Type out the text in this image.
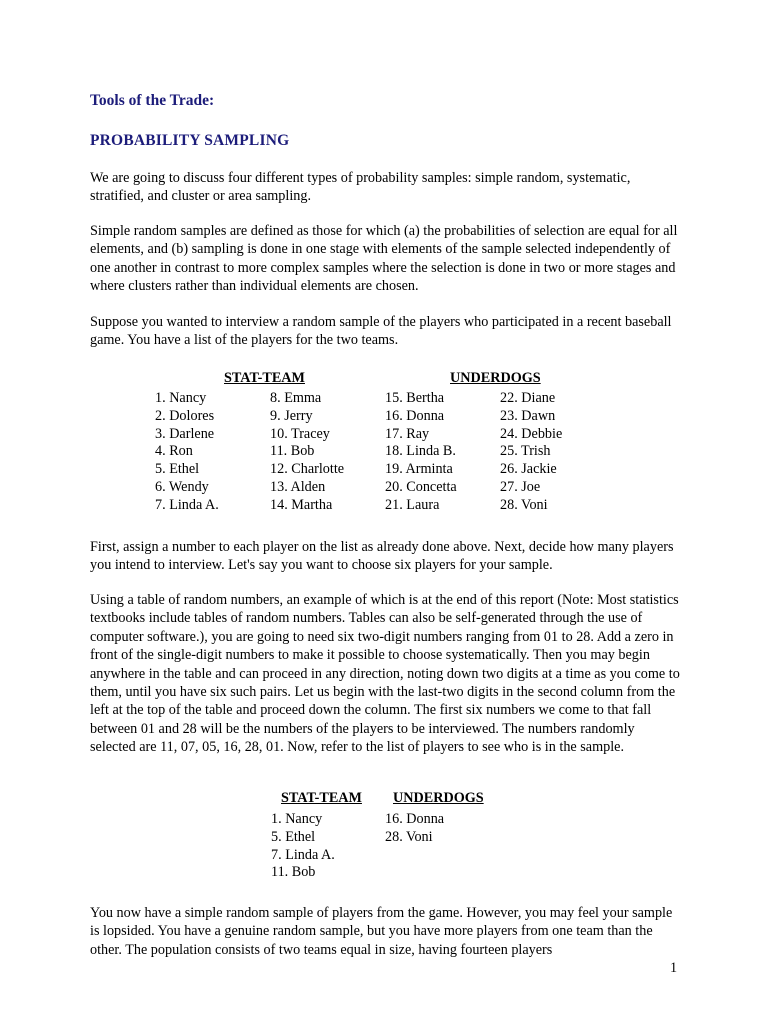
Tools of the Trade:
PROBABILITY SAMPLING

We are going to discuss four different types of probability samples: simple random, systematic, stratified, and cluster or area sampling.

Simple random samples are defined as those for which (a) the probabilities of selection are equal for all elements, and (b) sampling is done in one stage with elements of the sample selected independently of one another in contrast to more complex samples where the selection is done in two or more stages and where clusters rather than individual elements are chosen.

Suppose you wanted to interview a random sample of the players who participated in a recent baseball game. You have a list of the players for the two teams.

STAT-TEAM	UNDERDOGS
1. Nancy
2. Dolores
3. Darlene
4. Ron
5. Ethel
6. Wendy
7. Linda A.
8. Emma
9. Jerry
10. Tracey
11. Bob
12. Charlotte
13. Alden
14. Martha
15. Bertha
16. Donna
17. Ray
18. Linda B.
19. Arminta
20. Concetta
21. Laura
22. Diane
23. Dawn
24. Debbie
25. Trish
26. Jackie
27. Joe
28. Voni

First, assign a number to each player on the list as already done above. Next, decide how many players you intend to interview. Let's say you want to choose six players for your sample.

Using a table of random numbers, an example of which is at the end of this report (Note: Most statistics textbooks include tables of random numbers. Tables can also be self-generated through the use of computer software.), you are going to need six two-digit numbers ranging from 01 to 28. Add a zero in front of the single-digit numbers to make it possible to choose systematically. Then you may begin anywhere in the table and can proceed in any direction, noting down two digits at a time as you come to them, until you have six such pairs. Let us begin with the last-two digits in the second column from the left at the top of the table and proceed down the column. The first six numbers we come to that fall between 01 and 28 will be the numbers of the players to be interviewed. The numbers randomly selected are 11, 07, 05, 16, 28, 01. Now, refer to the list of players to see who is in the sample.

STAT-TEAM UNDERDOGS
1. Nancy
5. Ethel
7. Linda A.
11. Bob
16. Donna
28. Voni

You now have a simple random sample of players from the game. However, you may feel your sample is lopsided. You have a genuine random sample, but you have more players from one team than the other. The population consists of two teams equal in size, having fourteen players

1
